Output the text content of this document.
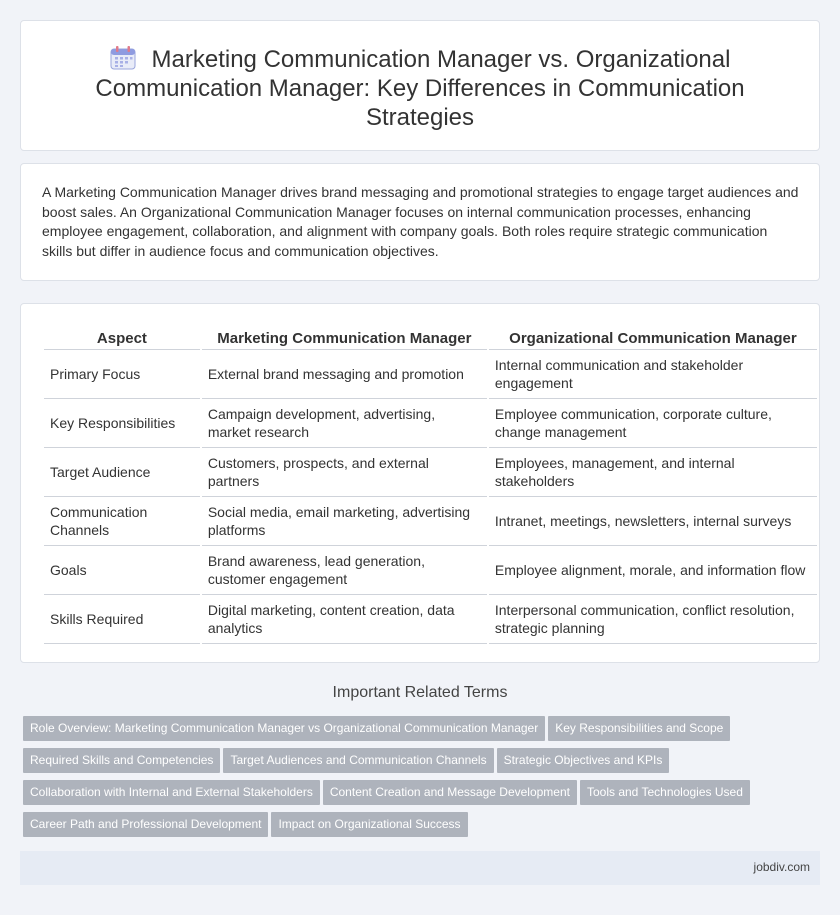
Marketing Communication Manager vs. Organizational Communication Manager: Key Differences in Communication Strategies

A Marketing Communication Manager drives brand messaging and promotional strategies to engage target audiences and boost sales. An Organizational Communication Manager focuses on internal communication processes, enhancing employee engagement, collaboration, and alignment with company goals. Both roles require strategic communication skills but differ in audience focus and communication objectives.

Aspect	Marketing Communication Manager	Organizational Communication Manager
Primary Focus	External brand messaging and promotion	Internal communication and stakeholder engagement
Key Responsibilities	Campaign development, advertising, market research	Employee communication, corporate culture, change management
Target Audience	Customers, prospects, and external partners	Employees, management, and internal stakeholders
Communication Channels	Social media, email marketing, advertising platforms	Intranet, meetings, newsletters, internal surveys
Goals	Brand awareness, lead generation, customer engagement	Employee alignment, morale, and information flow
Skills Required	Digital marketing, content creation, data analytics	Interpersonal communication, conflict resolution, strategic planning
Important Related Terms
Role Overview: Marketing Communication Manager vs Organizational Communication Manager Key Responsibilities and ScopeRequired Skills and Competencies Target Audiences and Communication Channels Strategic Objectives and KPIsCollaboration with Internal and External Stakeholders Content Creation and Message Development Tools and Technologies UsedCareer Path and Professional Development Impact on Organizational Success
jobdiv.com
